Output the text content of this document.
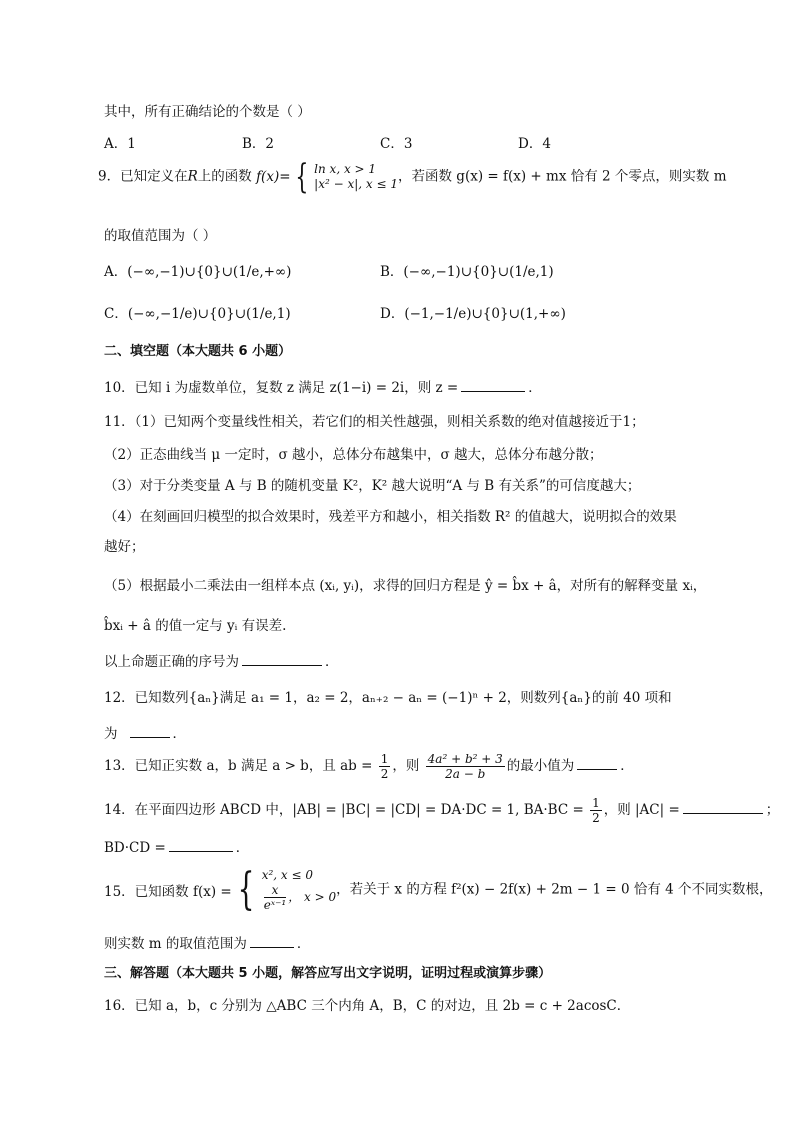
其中，所有正确结论的个数是（ ）
A．1	B．2	C．3	D．4
9．已知定义在R上的函数 f(x)= { ln x, x > 1
|x² − x|, x ≤ 1 ，若函数 g(x) = f(x) + mx 恰有 2 个零点，则实数 m
的取值范围为（ ）
A．(−∞,−1)∪{0}∪(1/e,+∞)	B．(−∞,−1)∪{0}∪(1/e,1)
C．(−∞,−1/e)∪{0}∪(1/e,1)	D．(−1,−1/e)∪{0}∪(1,+∞)
二、填空题（本大题共 6 小题）
10．已知 i 为虚数单位，复数 z 满足 z(1−i) = 2i，则 z =	．
11．（1）已知两个变量线性相关，若它们的相关性越强，则相关系数的绝对值越接近于1；
（2）正态曲线当 μ 一定时，σ 越小，总体分布越集中，σ 越大，总体分布越分散；
（3）对于分类变量 A 与 B 的随机变量 K²，K² 越大说明“A 与 B 有关系”的可信度越大；
（4）在刻画回归模型的拟合效果时，残差平方和越小，相关指数 R² 的值越大，说明拟合的效果
越好；
（5）根据最小二乘法由一组样本点 (xᵢ, yᵢ)，求得的回归方程是 ŷ = b̂x + â，对所有的解释变量 xᵢ，
b̂xᵢ + â 的值一定与 yᵢ 有误差.
以上命题正确的序号为	．
12．已知数列{aₙ}满足 a₁ = 1，a₂ = 2，aₙ₊₂ − aₙ = (−1)ⁿ + 2，则数列{aₙ}的前 40 项和
为	．
13．已知正实数 a，b 满足 a > b，且 ab = $\frac{1}{2}$ ，则 $\frac{\text{4a² + b² + 3}}{2a - b}$ 的最小值为	．
14．在平面四边形 ABCD 中，|AB| = |BC| = |CD| = DA·DC = 1, $BA\cdot BC = \frac{1}{2}$ ，则 |AC| =	；
BD·CD =	．
15．已知函数 f(x) = { x², x ≤ 0
$\frac{x}{\text{eˣ⁻¹}}$ ， x > 0 ，若关于 x 的方程 f²(x) − 2f(x) + 2m − 1 = 0 恰有 4 个不同实数根，
则实数 m 的取值范围为	．
三、解答题（本大题共 5 小题，解答应写出文字说明，证明过程或演算步骤）
16．已知 a，b，c 分别为 △ABC 三个内角 A，B，C 的对边，且 2b = c + 2acosC．
